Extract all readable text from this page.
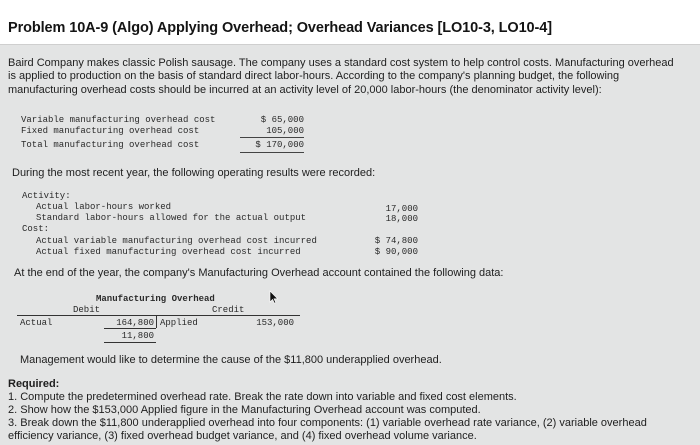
Problem 10A-9 (Algo) Applying Overhead; Overhead Variances [LO10-3, LO10-4]
Baird Company makes classic Polish sausage. The company uses a standard cost system to help control costs. Manufacturing overhead is applied to production on the basis of standard direct labor-hours. According to the company's planning budget, the following manufacturing overhead costs should be incurred at an activity level of 20,000 labor-hours (the denominator activity level):
Variable manufacturing overhead cost	$ 65,000
Fixed manufacturing overhead cost	105,000
Total manufacturing overhead cost	$ 170,000
During the most recent year, the following operating results were recorded:
Activity:
Actual labor-hours worked	17,000
Standard labor-hours allowed for the actual output	18,000
Cost:
Actual variable manufacturing overhead cost incurred	$ 74,800
Actual fixed manufacturing overhead cost incurred	$ 90,000
At the end of the year, the company's Manufacturing Overhead account contained the following data:
Manufacturing Overhead
Debit	Credit
Actual	164,800 Applied	153,000
11,800
Management would like to determine the cause of the $11,800 underapplied overhead.
Required:
1. Compute the predetermined overhead rate. Break the rate down into variable and fixed cost elements.
2. Show how the $153,000 Applied figure in the Manufacturing Overhead account was computed.
3. Break down the $11,800 underapplied overhead into four components: (1) variable overhead rate variance, (2) variable overhead
efficiency variance, (3) fixed overhead budget variance, and (4) fixed overhead volume variance.
